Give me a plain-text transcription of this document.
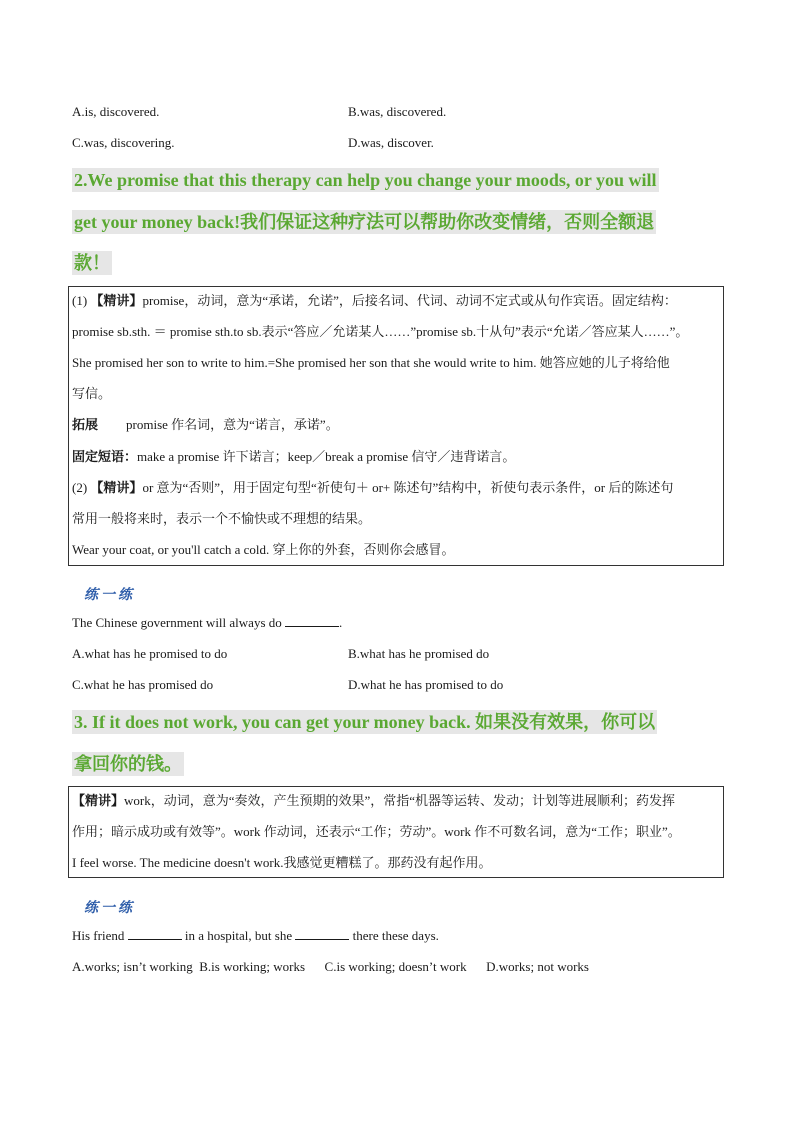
A.is, discovered.	B.was, discovered.
C.was, discovering.	D.was, discover.
2.We promise that this therapy can help you change your moods, or you will
get your money back!我们保证这种疗法可以帮助你改变情绪，否则全额退
款！
(1) 【精讲】promise，动词，意为“承诺，允诺”，后接名词、代词、动词不定式或从句作宾语。固定结构：
promise sb.sth. ＝ promise sth.to sb.表示“答应／允诺某人……”promise sb.十从句”表示“允诺／答应某人……”。
She promised her son to write to him.=She promised her son that she would write to him. 她答应她的儿子将给他
写信。
拓展 promise 作名词，意为“诺言，承诺”。
固定短语：make a promise 许下诺言；keep／break a promise 信守／违背诺言。
(2) 【精讲】or 意为“否则”，用于固定句型“祈使句＋ or+ 陈述句”结构中，祈使句表示条件，or 后的陈述句
常用一般将来时，表示一个不愉快或不理想的结果。
Wear your coat, or you'll catch a cold. 穿上你的外套，否则你会感冒。
练一练
The Chinese government will always do	.
A.what has he promised to do	B.what has he promised do
C.what he has promised do	D.what he has promised to do
3. If it does not work, you can get your money back. 如果没有效果，你可以
拿回你的钱。
【精讲】work，动词，意为“奏效，产生预期的效果”，常指“机器等运转、发动；计划等进展顺利；药发挥
作用；暗示成功或有效等”。work 作动词，还表示“工作；劳动”。work 作不可数名词，意为“工作；职业”。
I feel worse. The medicine doesn't work.我感觉更糟糕了。那药没有起作用。
练一练
His friend	in a hospital, but she	there these days.
A.works; isn’t working  B.is working; works      C.is working; doesn’t work      D.works; not works
